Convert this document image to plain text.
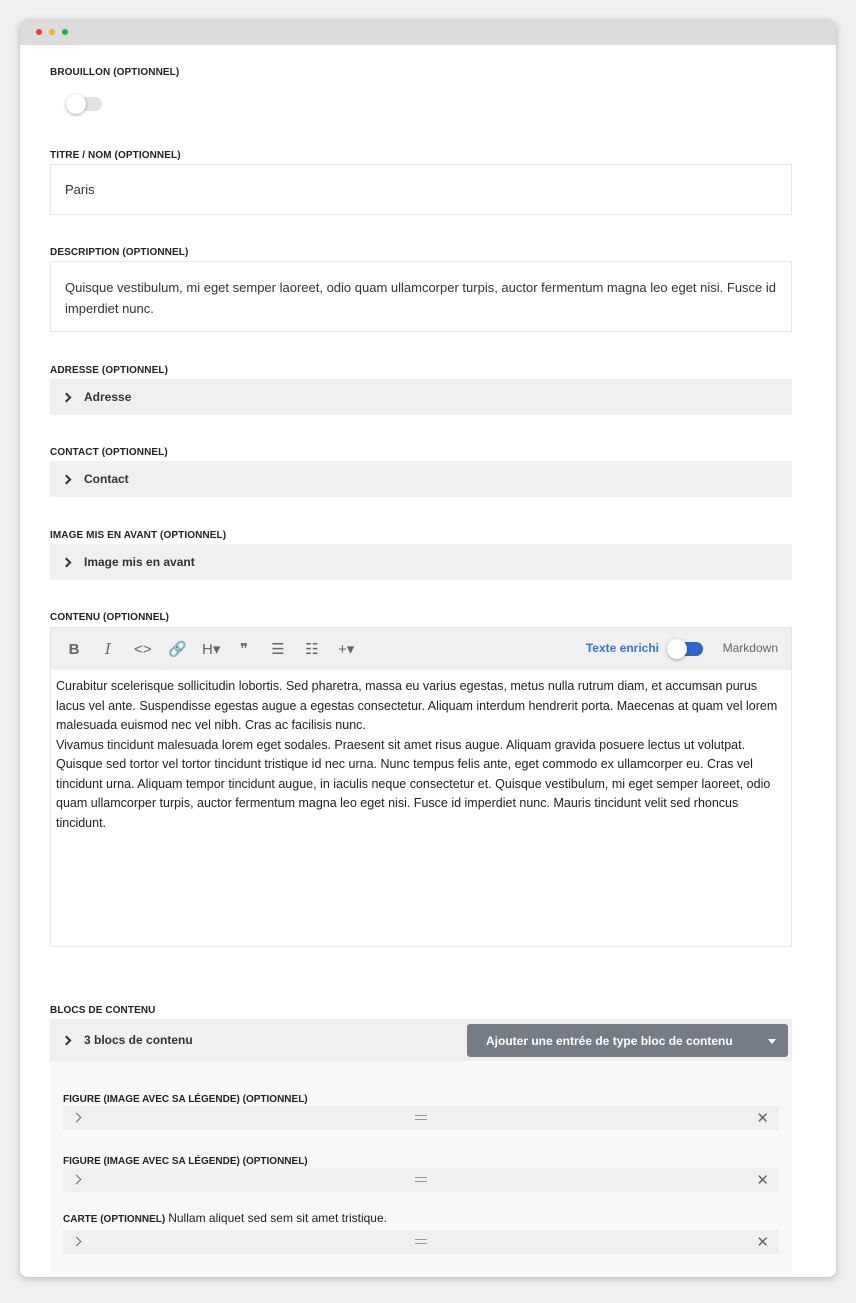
BROUILLON (OPTIONNEL)
TITRE / NOM (OPTIONNEL)
Paris
DESCRIPTION (OPTIONNEL)
Quisque vestibulum, mi eget semper laoreet, odio quam ullamcorper turpis, auctor fermentum magna leo eget nisi. Fusce id imperdiet nunc.
ADRESSE (OPTIONNEL)
Adresse
CONTACT (OPTIONNEL)
Contact
IMAGE MIS EN AVANT (OPTIONNEL)
Image mis en avant
CONTENU (OPTIONNEL)
B	I	<> 🔗 H▾ ❞ ☰ ☷ +▾	Texte enrichi	Markdown
Curabitur scelerisque sollicitudin lobortis. Sed pharetra, massa eu varius egestas, metus nulla rutrum diam, et accumsan purus lacus vel ante. Suspendisse egestas augue a egestas consectetur. Aliquam interdum hendrerit porta. Maecenas at quam vel lorem malesuada euismod nec vel nibh. Cras ac facilisis nunc.
Vivamus tincidunt malesuada lorem eget sodales. Praesent sit amet risus augue. Aliquam gravida posuere lectus ut volutpat. Quisque sed tortor vel tortor tincidunt tristique id nec urna. Nunc tempus felis ante, eget commodo ex ullamcorper eu. Cras vel tincidunt urna. Aliquam tempor tincidunt augue, in iaculis neque consectetur et. Quisque vestibulum, mi eget semper laoreet, odio quam ullamcorper turpis, auctor fermentum magna leo eget nisi. Fusce id imperdiet nunc. Mauris tincidunt velit sed rhoncus tincidunt.
BLOCS DE CONTENU
3 blocs de contenu	Ajouter une entrée de type bloc de contenu
FIGURE (IMAGE AVEC SA LÉGENDE) (OPTIONNEL)
✕
FIGURE (IMAGE AVEC SA LÉGENDE) (OPTIONNEL)
✕
CARTE (OPTIONNEL) Nullam aliquet sed sem sit amet tristique.
✕
